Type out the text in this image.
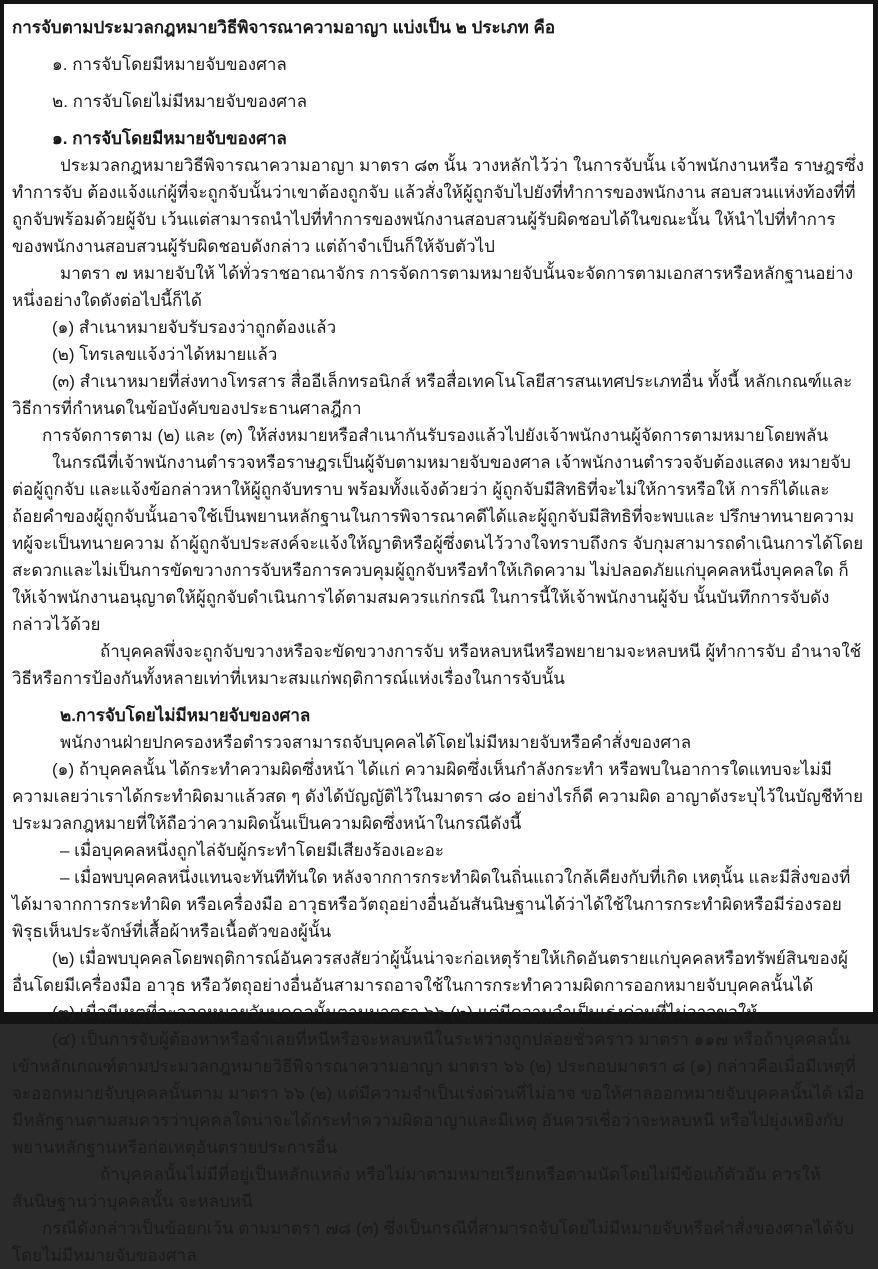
การจับตามประมวลกฎหมายวิธีพิจารณาความอาญา แบ่งเป็น ๒ ประเภท คือ

๑. การจับโดยมีหมายจับของศาล

๒. การจับโดยไม่มีหมายจับของศาล

๑. การจับโดยมีหมายจับของศาล

ประมวลกฎหมายวิธีพิจารณาความอาญา มาตรา ๘๓ นั้น วางหลักไว้ว่า ในการจับนั้น เจ้าพนักงานหรือ ราษฎรซึ่งทำการจับ ต้องแจ้งแก่ผู้ที่จะถูกจับนั้นว่าเขาต้องถูกจับ แล้วสั่งให้ผู้ถูกจับไปยังที่ทำการของพนักงาน สอบสวนแห่งท้องที่ที่ถูกจับพร้อมด้วยผู้จับ เว้นแต่สามารถนำไปที่ทำการของพนักงานสอบสวนผู้รับผิดชอบได้ในขณะนั้น ให้นำไปที่ทำการของพนักงานสอบสวนผู้รับผิดชอบดังกล่าว แต่ถ้าจำเป็นก็ให้จับตัวไป

มาตรา ๗ หมายจับให้ ได้ทั่วราชอาณาจักร การจัดการตามหมายจับนั้นจะจัดการตามเอกสารหรือหลักฐานอย่างหนึ่งอย่างใดดังต่อไปนี้ก็ได้

(๑) สำเนาหมายจับรับรองว่าถูกต้องแล้ว

(๒) โทรเลขแจ้งว่าได้หมายแล้ว

(๓) สำเนาหมายที่ส่งทางโทรสาร สื่ออีเล็กทรอนิกส์ หรือสื่อเทคโนโลยีสารสนเทศประเภทอื่น ทั้งนี้ หลักเกณฑ์และวิธีการที่กำหนดในข้อบังคับของประธานศาลฎีกา

การจัดการตาม (๒) และ (๓) ให้ส่งหมายหรือสำเนากันรับรองแล้วไปยังเจ้าพนักงานผู้จัดการตามหมายโดยพลัน

ในกรณีที่เจ้าพนักงานตำรวจหรือราษฎรเป็นผู้จับตามหมายจับของศาล เจ้าพนักงานตำรวจจับต้องแสดง หมายจับต่อผู้ถูกจับ และแจ้งข้อกล่าวหาให้ผู้ถูกจับทราบ พร้อมทั้งแจ้งด้วยว่า ผู้ถูกจับมีสิทธิที่จะไม่ให้การหรือให้ การก็ได้และถ้อยคำของผู้ถูกจับนั้นอาจใช้เป็นพยานหลักฐานในการพิจารณาคดีได้และผู้ถูกจับมีสิทธิที่จะพบและ ปรึกษาทนายความ ทผู้จะเป็นทนายความ ถ้าผู้ถูกจับประสงค์จะแจ้งให้ญาติหรือผู้ซึ่งตนไว้วางใจทราบถึงกร จับกุมสามารถดำเนินการได้โดยสะดวกและไม่เป็นการขัดขวางการจับหรือการควบคุมผู้ถูกจับหรือทำให้เกิดความ ไม่ปลอดภัยแก่บุคคลหนึ่งบุคคลใด ก็ให้เจ้าพนักงานอนุญาตให้ผู้ถูกจับดำเนินการได้ตามสมควรแก่กรณี ในการนี้ให้เจ้าพนักงานผู้จับ นั้นบันทึกการจับดังกล่าวไว้ด้วย

ถ้าบุคคลพึ่งจะถูกจับขวางหรือจะขัดขวางการจับ หรือหลบหนีหรือพยายามจะหลบหนี ผู้ทำการจับ อำนาจใช้วิธีหรือการป้องกันทั้งหลายเท่าที่เหมาะสมแก่พฤติการณ์แห่งเรื่องในการจับนั้น

๒.การจับโดยไม่มีหมายจับของศาล

พนักงานฝ่ายปกครองหรือตำรวจสามารถจับบุคคลได้โดยไม่มีหมายจับหรือคำสั่งของศาล

(๑) ถ้าบุคคลนั้น ได้กระทำความผิดซึ่งหน้า ได้แก่ ความผิดซึ่งเห็นกำลังกระทำ หรือพบในอาการใดแทบจะไม่มีความเลยว่าเราได้กระทำผิดมาแล้วสด ๆ ดังได้บัญญัติไว้ในมาตรา ๘๐ อย่างไรก็ดี ความผิด อาญาดังระบุไว้ในบัญชีท้ายประมวลกฎหมายที่ให้ถือว่าความผิดนั้นเป็นความผิดซึ่งหน้าในกรณีดังนี้

– เมื่อบุคคลหนึ่งถูกไล่จับผู้กระทำโดยมีเสียงร้องเอะอะ

– เมื่อพบบุคคลหนึ่งแทนจะทันทีทันใด หลังจากการกระทำผิดในถิ่นแถวใกล้เคียงกับที่เกิด เหตุนั้น และมีสิ่งของที่ได้มาจากการกระทำผิด หรือเครื่องมือ อาวุธหรือวัตถุอย่างอื่นอันสันนิษฐานได้ว่าได้ใช้ในการกระทำผิดหรือมีร่องรอยพิรุธเห็นประจักษ์ที่เสื้อผ้าหรือเนื้อตัวของผู้นั้น

(๒) เมื่อพบบุคคลโดยพฤติการณ์อันควรสงสัยว่าผู้นั้นน่าจะก่อเหตุร้ายให้เกิดอันตรายแก่บุคคลหรือทรัพย์สินของผู้อื่นโดยมีเครื่องมือ อาวุธ หรือวัตถุอย่างอื่นอันสามารถอาจใช้ในการกระทำความผิดการออกหมายจับบุคคลนั้นได้

(๓) เมื่อมีเหตุที่จะออกหมายจับบุคคลนั้นตามมาตรา ๖๖ (๒) แต่มีความจำเป็นเร่งด่วนที่ไม่อาจขอให้

(๔) เป็นการจับผู้ต้องหาหรือจำเลยที่หนีหรือจะหลบหนีในระหว่างถูกปล่อยชั่วคราว มาตรา ๑๑๗ หรือถ้าบุคคลนั้น เข้าหลักเกณฑ์ตามประมวลกฎหมายวิธีพิจารณาความอาญา มาตรา ๖๖ (๒) ประกอบมาตรา ๘ (๑) กล่าวคือเมื่อมีเหตุที่จะออกหมายจับบุคคลนั้นตาม มาตรา ๖๖ (๒) แต่มีความจำเป็นเร่งด่วนที่ไม่อาจ ขอให้ศาลออกหมายจับบุคคลนั้นได้ เมื่อมีหลักฐานตามสมควรว่าบุคคลใดน่าจะได้กระทำความผิดอาญาและมีเหตุ อันควรเชื่อว่าจะหลบหนี หรือไปยุ่งเหยิงกับพยานหลักฐานหรือก่อเหตุอันตรายประการอื่น

ถ้าบุคคลนั้นไม่มีที่อยู่เป็นหลักแหล่ง หรือไม่มาตามหมายเรียกหรือตามนัดโดยไม่มีข้อแก้ตัวอัน ควรให้สันนิษฐานว่าบุคคลนั้น จะหลบหนี

กรณีดังกล่าวเป็นข้อยกเว้น ตามมาตรา ๗๘ (๓) ซึ่งเป็นกรณีที่สามารถจับโดยไม่มีหมายจับหรือคำสั่งของศาลได้จับโดยไม่มีหมายจับของศาล
